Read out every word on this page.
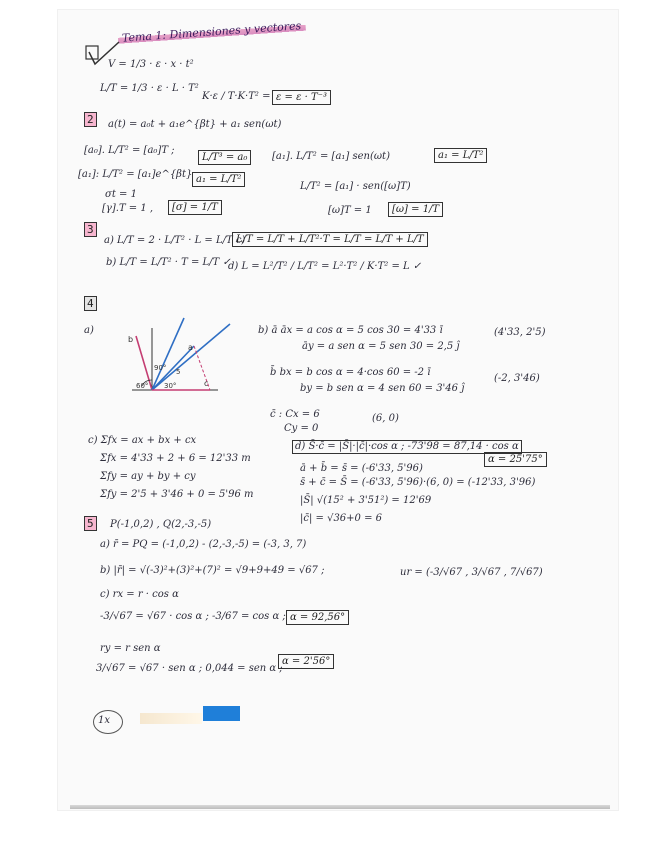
Tema 1: Dimensiones y vectores
V = 1/3 · ε · x · t²
L/T = 1/3 · ε · L · T²
K·ε / T·K·T² = ε = ε · T⁻³
2	a(t) = a₀t + a₁e^{βt} + a₁ sen(ωt)
[a₀]. L/T² = [a₀]T ;
L/T³ = a₀	[a₁]. L/T² = [a₁] sen(ωt)	a₁ = L/T²
[a₁]: L/T² = [a₁]e^{βt} a₁ = L/T²
σt = 1
[γ].T = 1 ,	[σ] = 1/T
L/T² = [a₁] · sen([ω]T)
[ω]T = 1	[ω] = 1/T
3
a) L/T = 2 · L/T² · L = L/T c)
L/T = L/T + L/T²·T = L/T = L/T + L/T
b) L/T = L/T² · T = L/T ✓
d) L = L²/T² / L/T² = L²·T² / K·T² = L ✓
4
a)
b
a
c
90°
60° 30°
5
b) ā āx = a cos α = 5 cos 30 = 4'33 ī	(4'33, 2'5)
āy = a sen α = 5 sen 30 = 2,5 ĵ
b̄ bx = b cos α = 4·cos 60 = -2 ī
(-2, 3'46)
by = b sen α = 4 sen 60 = 3'46 ĵ
c̄ : Cx = 6	(6, 0)
Cy = 0
c) Σfx = ax + bx + cx
Σfx = 4'33 + 2 + 6 = 12'33 m
Σfy = ay + by + cy
Σfy = 2'5 + 3'46 + 0 = 5'96 m
d) S̄·c̄ = |S̄|·|c̄|·cos α ; -73'98 = 87,14 · cos α
α = 25'75°
ā + b̄ = s̄ = (-6'33, 5'96)
s̄ + c̄ = S̄ = (-6'33, 5'96)·(6, 0) = (-12'33, 3'96)
|S̄| √(15² + 3'51²) = 12'69
|c̄| = √36+0 = 6
5	P(-1,0,2) , Q(2,-3,-5)
a) r̄ = PQ = (-1,0,2) - (2,-3,-5) = (-3, 3, 7)
b) |r̄| = √(-3)²+(3)²+(7)² = √9+9+49 = √67 ;	ur = (-3/√67 , 3/√67 , 7/√67)
c) rx = r · cos α
-3/√67 = √67 · cos α ; -3/67 = cos α ; α = 92,56°
ry = r sen α
3/√67 = √67 · sen α ; 0,044 = sen α ;
α = 2'56°
1x
